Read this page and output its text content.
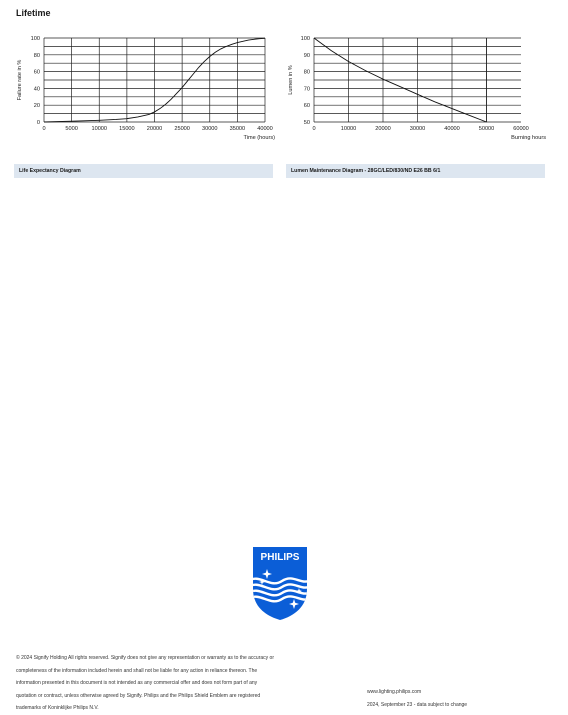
Lifetime
0	5000 10000 15000 20000 25000 30000 35000 40000
0
20
40
60
80
100
Failure rate in %
Time (hours)
0	10000	20000	30000	40000	50000	60000
50
60
70
80
90
100
Lumen in %
Burning hours
Life Expectancy Diagram	Lumen Maintenance Diagram - 28GC/LED/830/ND E26 BB 6/1
PHILIPS
© 2024 Signify Holding All rights reserved. Signify does not give any representation or warranty as to the accuracy or
completeness of the information included herein and shall not be liable for any action in reliance thereon. The
information presented in this document is not intended as any commercial offer and does not form part of any
quotation or contract, unless otherwise agreed by Signify. Philips and the Philips Shield Emblem are registered
trademarks of Koninklijke Philips N.V.
www.lighting.philips.com
2024, September 23 - data subject to change
